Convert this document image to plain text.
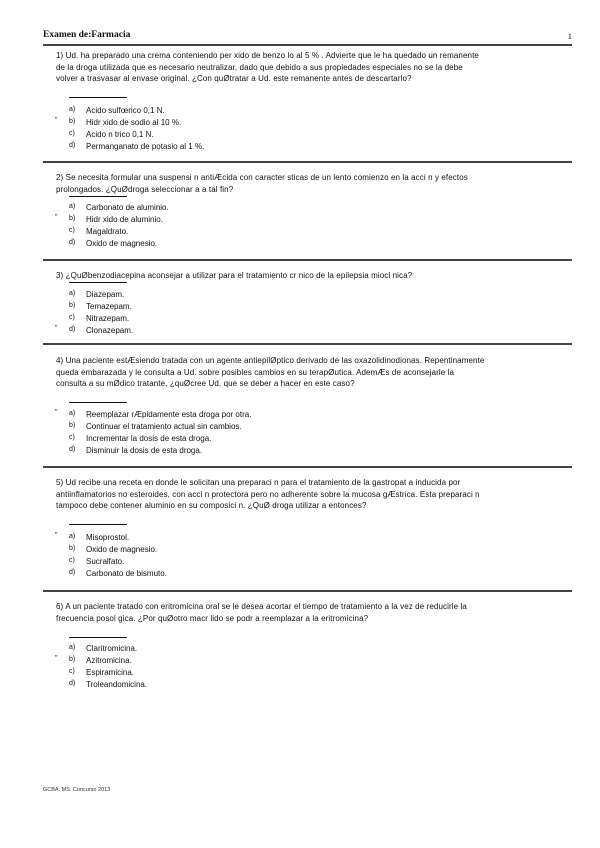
Examen de:Farmacia	1
1) Ud. ha preparado una crema conteniendo per xido de benzo lo al 5 % . Advierte que le ha quedado un remanente de la droga utilizada que es necesario neutralizar, dado que debido a sus propiedades especiales no se la debe volver a trasvasar al envase original. ¿Con quØtratar a Ud. este remanente antes de descartarlo?
a) Acido sulfœrico 0,1 N.
" b) Hidr xido de sodio al 10 %.
c) Acido n trico 0,1 N.
d) Permanganato de potasio al 1 %.
2) Se necesita formular una suspensi n antiÆcida con caracter sticas de un lento comienzo en la acci n y efectos prolongados. ¿QuØdroga seleccionar a a tal fin?
a) Carbonato de aluminio.
" b) Hidr xido de aluminio.
c) Magaldrato.
d) Oxido de magnesio.
3) ¿QuØbenzodiacepina aconsejar a utilizar para el tratamiento cr nico de la epilepsia miocl nica?
a) Diazepam.
b) Temazepam.
c) Nitrazepam.
" d) Clonazepam.
4) Una paciente estÆsiendo tratada con un agente antiepilØptico derivado de las oxazolidinodionas. Repentinamente queda embarazada y le consulta a Ud. sobre posibles cambios en su terapØutica. AdemÆs de aconsejarle la consulta a su mØdico tratante, ¿quØcree Ud. que se deber a hacer en este caso?
" a) Reemplazar rÆpidamente esta droga por otra.
b) Continuar el tratamiento actual sin cambios.
c) Incrementar la dosis de esta droga.
d) Disminuir la dosis de esta droga.
5) Ud recibe una receta en donde le solicitan una preparaci n para el tratamiento de la gastropat a inducida por antiinflamatorios no esteroides, con acci n protectora pero no adherente sobre la mucosa gÆstrica. Esta preparaci n tampoco debe contener aluminio en su composici n. ¿QuØ droga utilizar a entonces?
" a) Misoprostol.
b) Oxido de magnesio.
c) Sucralfato.
d) Carbonato de bismuto.
6) A un paciente tratado con eritromicina oral se le desea acortar el tiempo de tratamiento a la vez de reducirle la frecuencia posol gica. ¿Por quØotro macr lido se podr a reemplazar a la eritromicina?
a) Claritromicina.
" b) Azitromicina.
c) Espiramicina.
d) Troleandomicina.
GCBA. MS. Concurso 2013
